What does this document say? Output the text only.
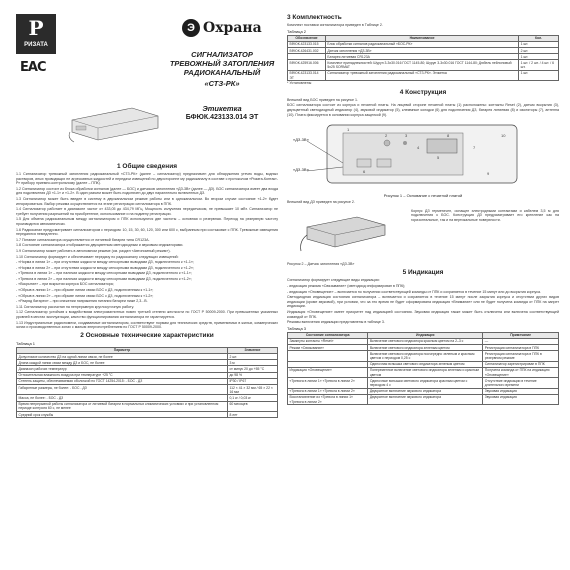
Р
РИЗАТА
EAC
Э Охрана
СИГНАЛИЗАТОР ТРЕВОЖНЫЙ ЗАТОПЛЕНИЯ РАДИОКАНАЛЬНЫЙ
«СТЗ-РК»
Этикетка
БФЮК.423133.014 ЭТ
1 Общие сведения
1.1 Сигнализатор тревожный затопления радиоканальный «СТЗ-РК» (далее – сигнализатор) предназначен для обнаружения утечек воды, водных растворов, иных проводящих не агрессивных жидкостей и передачи извещений по двухсторонне му радиоканалу в составе с протоколом «Ризата-Контакт-Р» прибору приемно-контрольному (далее – ППК).
1.2 Сигнализатор состоит из блока обработки сигналов (далее — БОС) и датчиков затопления «ДЗ-3В» (далее — ДЗ). БОС сигнализатора имеет два входа для подключения ДЗ «1-1» и «1-2». В один разъем может быть подключен до двух параллельно включенных ДЗ.
1.3 Сигнализатор может быть введен в систему в двухканальном режиме работы или в одноканальном. Во втором случае состояние «1-2» будет игнорироваться. Выбор режима осуществляется на этапе регистрации сигнализатора в ППК.
1.4 Сигнализатор работает в диапазоне частот от 433,05 до 434,79 МГц. Мощность излучения передатчиком, не превышает 10 мВт. Сигнализатор не требует получения разрешений на приобретение, использование и на подмену регистрации.
1.5 Для обмена радиоканальным между сигнализатором и ППК используются две частоты – основная и резервная. Переход на резервную частоту производится автоматически.
1.6 Радиоканал предусматривает сигнализатором с периодом: 10, 15, 30, 60, 120, 300 или 600 с, выбранным при состыковке с ППК. Тревожные извещения передаются немедленно.
1.7 Питание сигнализатора осуществляется от литиевой батареи типа CR123A.
1.8 Состояние сигнализатора отображается двухцветным светодиодным и звуковым индикаторами.
1.9 Сигнализатор может работать в автономном режиме (см. раздел «Автономный режим»).
1.10 Сигнализатор формирует и обеспечивает передачу по радиоканалу следующих извещений:
- «Норма в линии 1» – при отсутствии жидкости между сенсорными выводами ДЗ, подключенного к «1-1»;
- «Норма в линии 2» – при отсутствии жидкости между сенсорными выводами ДЗ, подключенного к «1-2»;
- «Тревога в линии 1» – при наличии жидкости между сенсорными выводами ДЗ, подключенного к «1-1»;
- «Тревога в линии 2» – при наличии жидкости между сенсорными выводами ДЗ, подключенного к «1-2»;
- «Вскрытие» – при вскрытии корпуса БОС сигнализатора;
- «Обрыв в линии 1» – при обрыве линии связи БОС с ДЗ, подключенным к «1-1»;
- «Обрыв в линии 2» – при обрыве линии связи БОС с ДЗ, подключенным к «1-2»;
- «Разряд батареи» – при снижении напряжения питания батареи ниже 2,3...В.
1.11 Сигнализатор рассчитан на непрерывную круглосуточную работу.
1.12 Сигнализатор устойчив к воздействиям электромагнитных помех третьей степени жесткости по ГОСТ Р 50009-2000. При превышенных указанных уровней в местах эксплуатации, качество функционирования сигнализатора не гарантируется.
1.13 Индустриальные радиопомехи, создаваемые сигнализатором, соответствуют нормам для технических средств, применяемых в жилых, коммерческих зонах и производственных зонах с малым энергопотреблением по ГОСТ Р 50009-2000.
2 Основные технические характеристики
Таблица 1
Параметр	Значение
Допустимое количество ДЗ на одной линии связи, не более	2 шт.
Длина каждой линии связи между ДЗ и БОС, не более	3 м
Диапазон рабочих температур	от минус 20 до +55 °С
Относительная влажность воздуха при температуре +25 °С	до 98 %
Степень защиты, обеспечиваемая оболочкой по ГОСТ 14254-2015: - БОС - ДЗ	IP30 / IP67
Габаритные размеры, не более: - БОС - ДЗ	112 × 41 × 32 мм / 65 × 22 × 16 мм
Масса, не более: - БОС - ДЗ	0,1 кг / 0,03 кг
Время непрерывной работы сигнализатора от литиевой батареи в нормальных климатических условиях и при установленном периоде контроля 60 с, не менее	60 месяцев
Средний срок службы	8 лет
3 Комплектность
Комплект поставки сигнализатора приведен в Таблице 2.
Таблица 2
Обозначение	Наименование	Кол.
БФЮК.423133.015	Блок обработки сигналов радиоканальный «БОС-РК»	1 шт.
БФЮК.426431.002	Датчик затопления «ДЗ-3В»	2 шт.
	Батарея литиевая CR123A	1 шт.
БФЮК.425916.006	Комплект принадлежностей: Шуруп 3-3х30.016 ГОСТ 1145-80; Шуруп 3-3х30.016 ГОСТ 1144-80; Дюбель нейлоновый 5х25 SORMAT	1 шт. / 2 шт. / 4 шт. / 6 шт.
БФЮК.423133.014 ЭТ	Сигнализатор тревожный затопления радиоканальный «СТЗ-РК». Этикетка	1 шт.
* Установлены
4 Конструкция
Внешний вид БОС приведен на рисунке 1.
БОС сигнализатора состоит из корпуса и печатной платы. На лицевой стороне печатной платы (1) расположены: контакты Reset (2), датчик вскрытия (3), двухцветный светодиодный индикатор (4), звуковой индикатор (5), клеммные колодки (6) для подключения ДЗ, батарея литиевая (8) и изоляторы (7), антенна (10). Плата фиксируется в основании корпуса защелкой (9).
1
2	3
4
5
6
7
8
9
10
«ДЗ-3В»
«ДЗ-3В»
Рисунок 1 – Основание с печатной платой
Внешний вид ДЗ приведен на рисунке 2.
Корпус ДЗ герметичен, оснащен электродными контактами и кабелем 3,5 м для подключения к БОС. Конструкция ДЗ предусматривает его крепление как на горизонтальные, так и на вертикальные поверхности.
Рисунок 2 – Датчик затопления «ДЗ-3В»
5 Индикация
Сигнализатор формирует следующие виды индикации:
- индикация режима «Связывание» (светодиод информирован в ППК);
- индикация «Оповещение» – включается по получении соответствующей команды от ППК и сохраняется в течение 15 минут или до вскрытия корпуса.
Светодиодная индикация состояния сигнализатора – включается и сохраняется в течение 15 минут после закрытия корпуса и отсутствии других видов индикации (кроме звуковой), при условии, что за это время не будет сформирована индикация «Внимание» или не будет получена команда от ППК на запрет индикации.
Индикация «Оповещение» имеет приоритет над индикацией состояния. Звуковая индикация также может быть отключена или включена соответствующей командой от ППК.
Режимы включения индикации представлены в таблице 3.
Таблица 3
Состояние сигнализатора	Индикация	Примечание
Замкнуты контакты «Reset»	Включение светового индикатора красным цветом на 2–3 с	—
Режим «Связывание»	Включение светового индикатора зеленым цветом	Регистрация сигнализатора в ППК
	Включение светового индикатора поочередно зеленым и красным цветом с периодом 0,25 с	Регистрация сигнализатора в ППК в резервном режиме
	Одиночная вспышка светового индикатора зеленым цветом	Сигнализатор зарегистрирован в ППК
Индикация «Оповещение»	Попеременное включение светового индикатора зеленым и красным цветом	Получена команда от ППК на индикацию «Оповещение»
«Тревога в линии 1» «Тревога в линии 2»	Одиночные вспышки светового индикатора красным цветом с периодом 4 с	Отсутствие индикации в течение длительного времени
«Тревога в линии 1» «Тревога в линии 2»	Двукратное включение звукового индикатора	Звуковая индикация
Восстановление из «Тревога в линии 1» «Тревога в линии 2»	Двукратное включение звукового индикатора	Звуковая индикация
